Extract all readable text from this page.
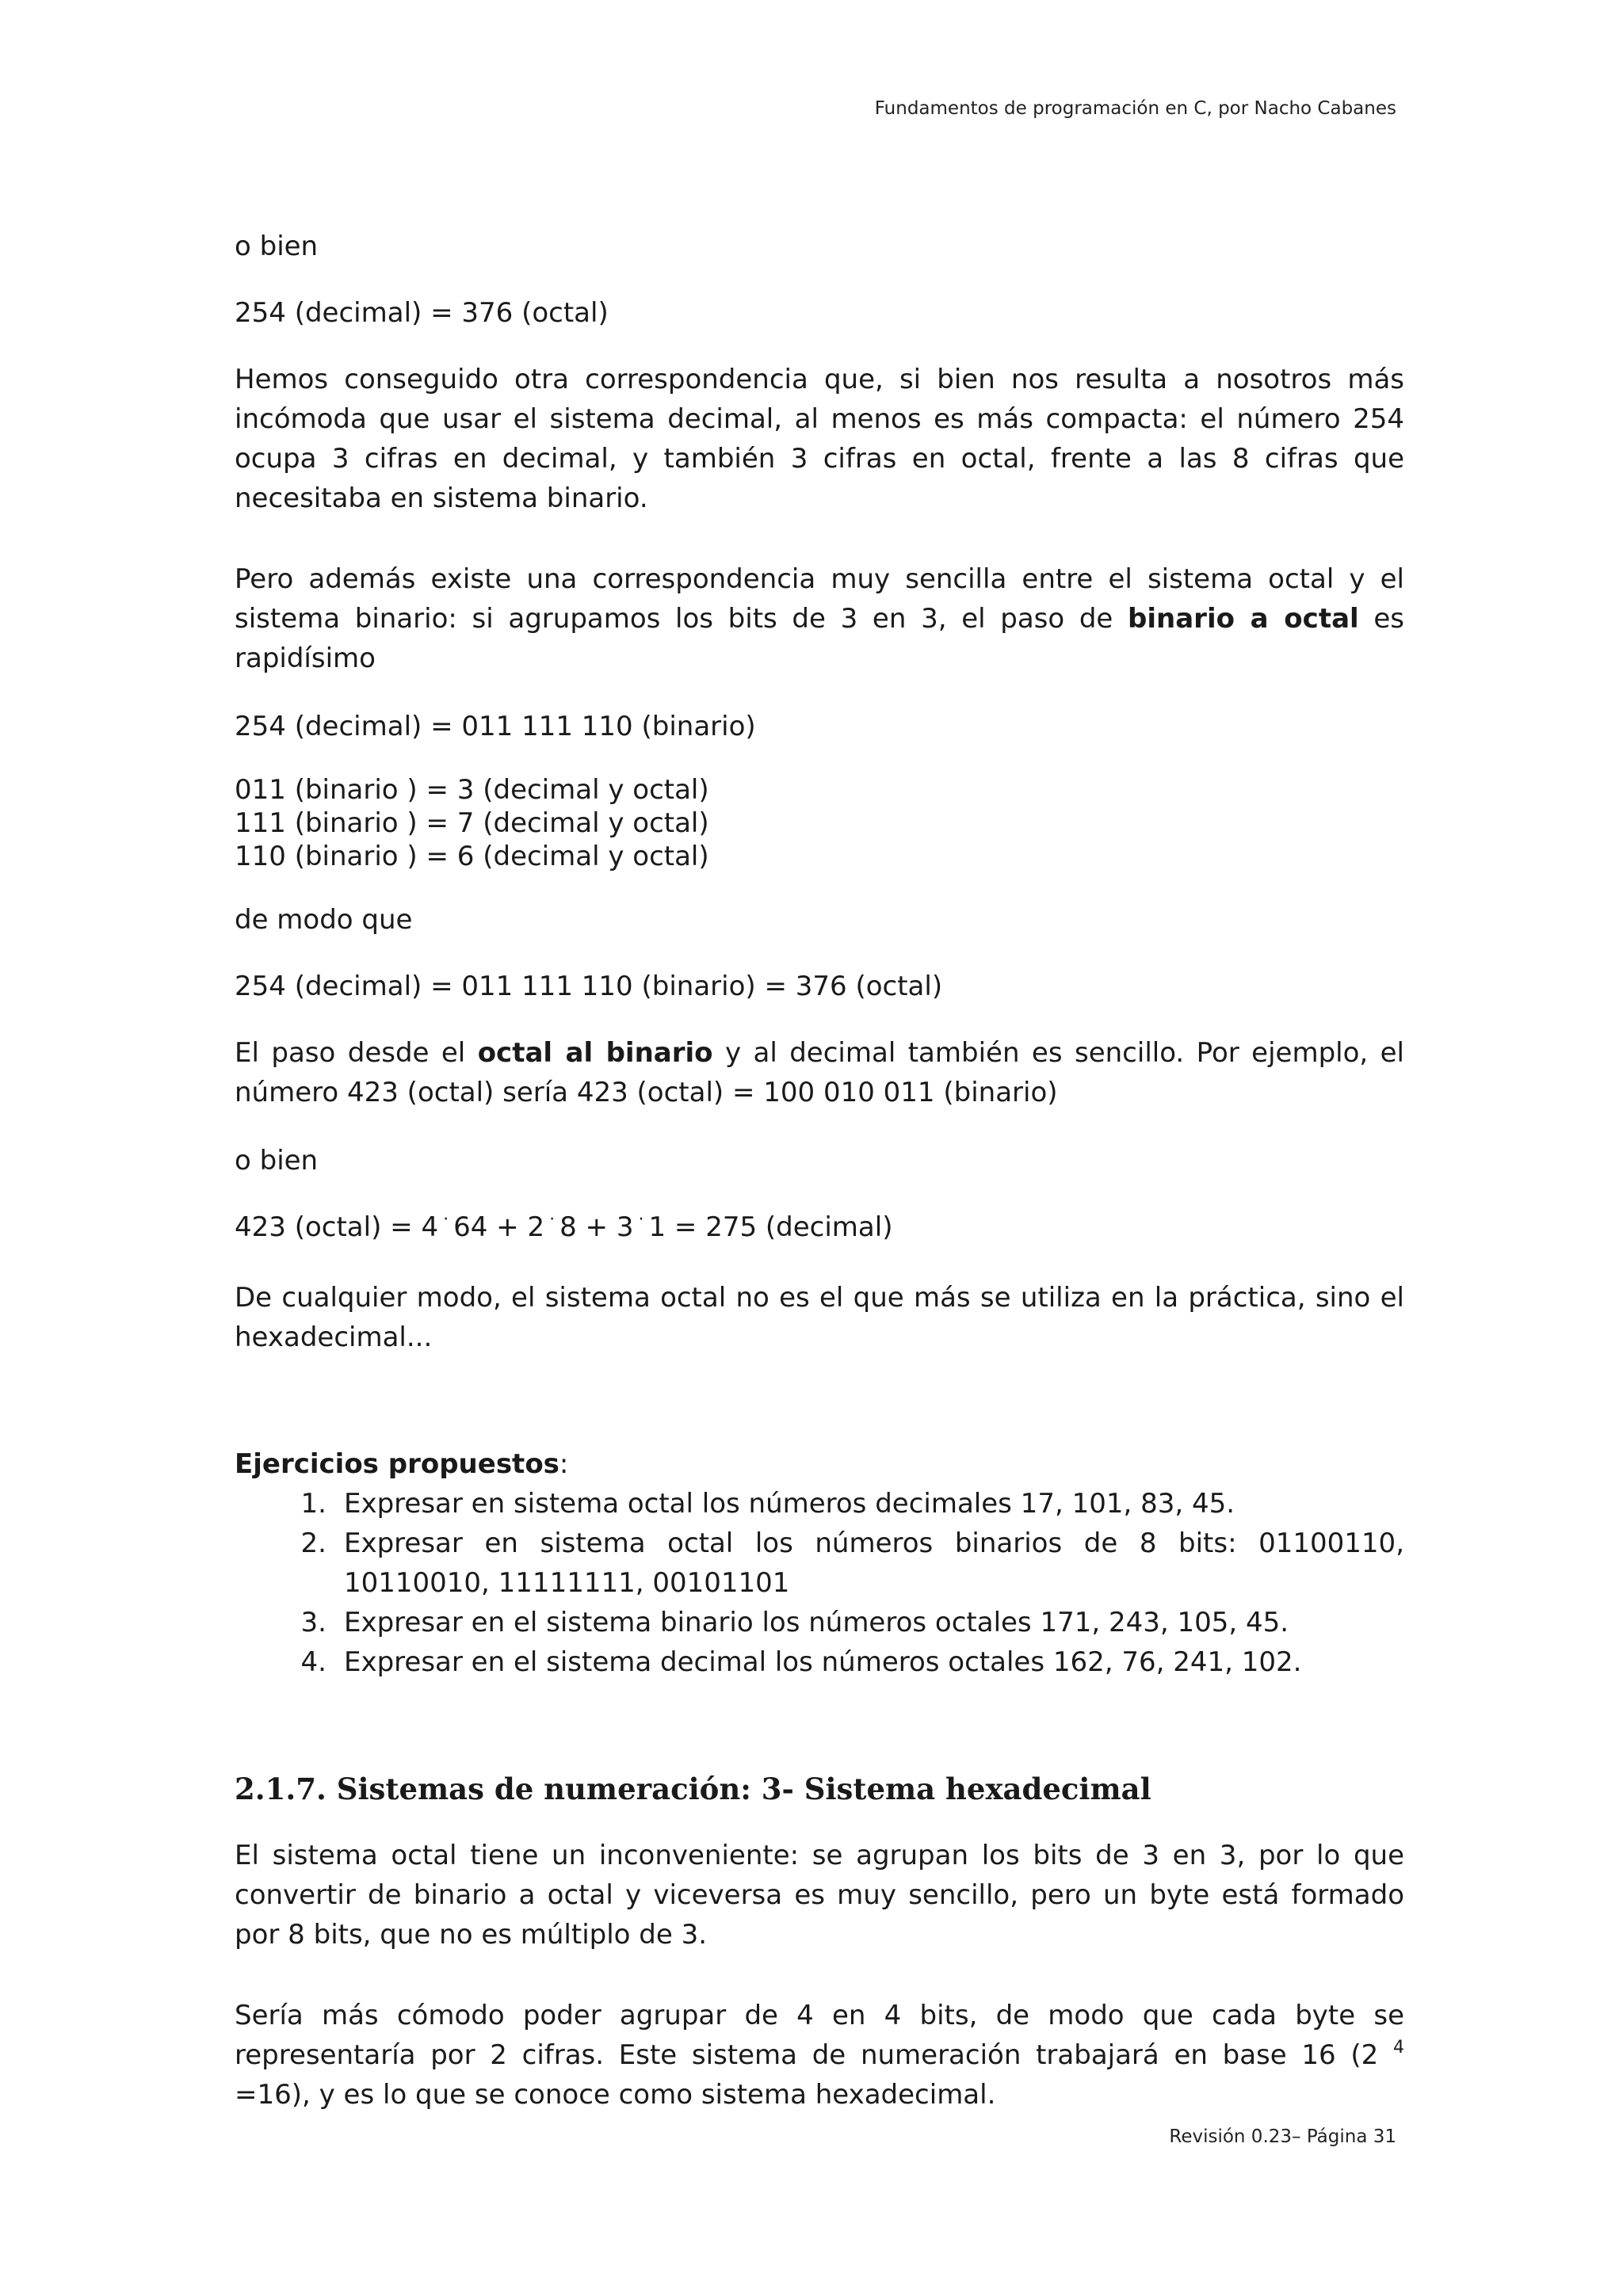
Fundamentos de programación en C, por Nacho Cabanes

o bien

254 (decimal) = 376 (octal)

Hemos conseguido otra correspondencia que, si bien nos resulta a nosotros más incómoda que usar el sistema decimal, al menos es más compacta: el número 254 ocupa 3 cifras en decimal, y también 3 cifras en octal, frente a las 8 cifras que necesitaba en sistema binario.

Pero además existe una correspondencia muy sencilla entre el sistema octal y el sistema binario: si agrupamos los bits de 3 en 3, el paso de binario a octal es rapidísimo

254 (decimal) = 011 111 110 (binario)

011 (binario ) = 3 (decimal y octal)

111 (binario ) = 7 (decimal y octal)

110 (binario ) = 6 (decimal y octal)

de modo que

254 (decimal) = 011 111 110 (binario) = 376 (octal)

El paso desde el octal al binario y al decimal también es sencillo. Por ejemplo, el número 423 (octal) sería 423 (octal) = 100 010 011 (binario)

o bien

423 (octal) = 4 · 64 + 2 · 8 + 3 · 1 = 275 (decimal)

De cualquier modo, el sistema octal no es el que más se utiliza en la práctica, sino el hexadecimal...

Ejercicios propuestos:

1. Expresar en sistema octal los números decimales 17, 101, 83, 45.
2. Expresar en sistema octal los números binarios de 8 bits: 01100110, 10110010, 11111111, 00101101
3. Expresar en el sistema binario los números octales 171, 243, 105, 45.
4. Expresar en el sistema decimal los números octales 162, 76, 241, 102.
2.1.7. Sistemas de numeración: 3- Sistema hexadecimal

El sistema octal tiene un inconveniente: se agrupan los bits de 3 en 3, por lo que convertir de binario a octal y viceversa es muy sencillo, pero un byte está formado por 8 bits, que no es múltiplo de 3.

Sería más cómodo poder agrupar de 4 en 4 bits, de modo que cada byte se representaría por 2 cifras. Este sistema de numeración trabajará en base 16 (2 $^4$ =16), y es lo que se conoce como sistema hexadecimal.

Revisión 0.23– Página 31
